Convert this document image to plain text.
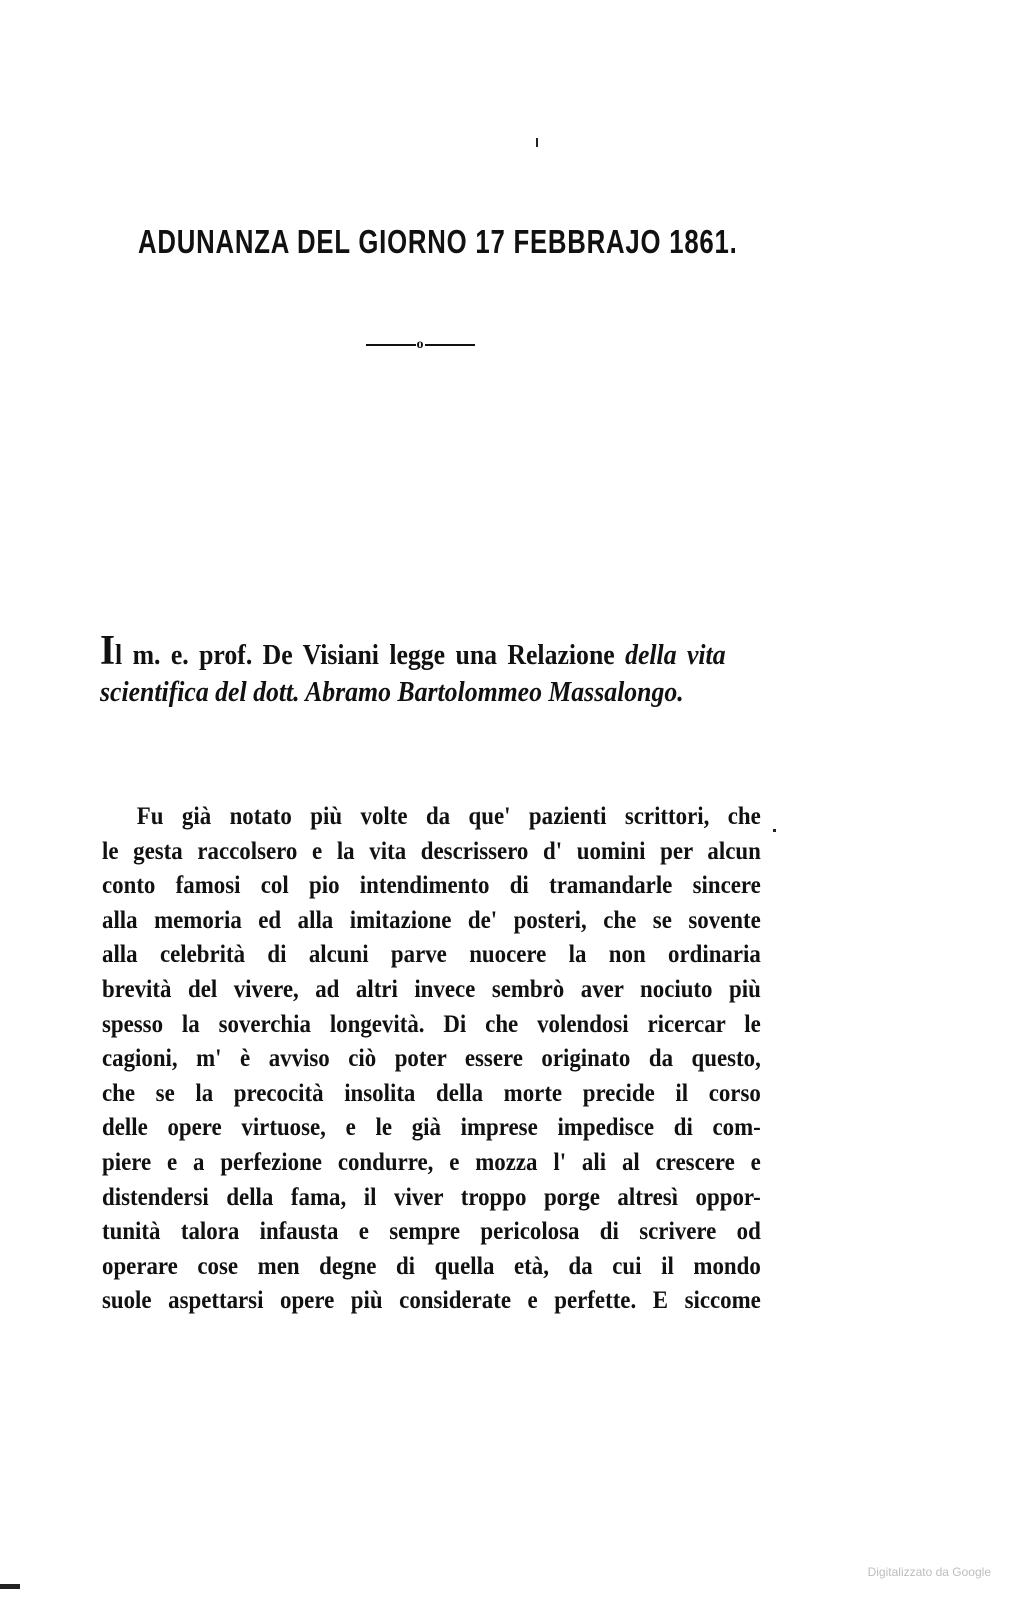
ADUNANZA DEL GIORNO 17 FEBBRAJO 1861.
o
Il m. e. prof. De Visiani legge una Relazione della vita scientifica del dott. Abramo Bartolommeo Massalongo.
Fu già notato più volte da que' pazienti scrittori, che
le gesta raccolsero e la vita descrissero d' uomini per alcun
conto famosi col pio intendimento di tramandarle sincere
alla memoria ed alla imitazione de' posteri, che se sovente
alla celebrità di alcuni parve nuocere la non ordinaria
brevità del vivere, ad altri invece sembrò aver nociuto più
spesso la soverchia longevità. Di che volendosi ricercar le
cagioni, m' è avviso ciò poter essere originato da questo,
che se la precocità insolita della morte precide il corso
delle opere virtuose, e le già imprese impedisce di com-
piere e a perfezione condurre, e mozza l' ali al crescere e
distendersi della fama, il viver troppo porge altresì oppor-
tunità talora infausta e sempre pericolosa di scrivere od
operare cose men degne di quella età, da cui il mondo
suole aspettarsi opere più considerate e perfette. E siccome
Digitalizzato da Google
